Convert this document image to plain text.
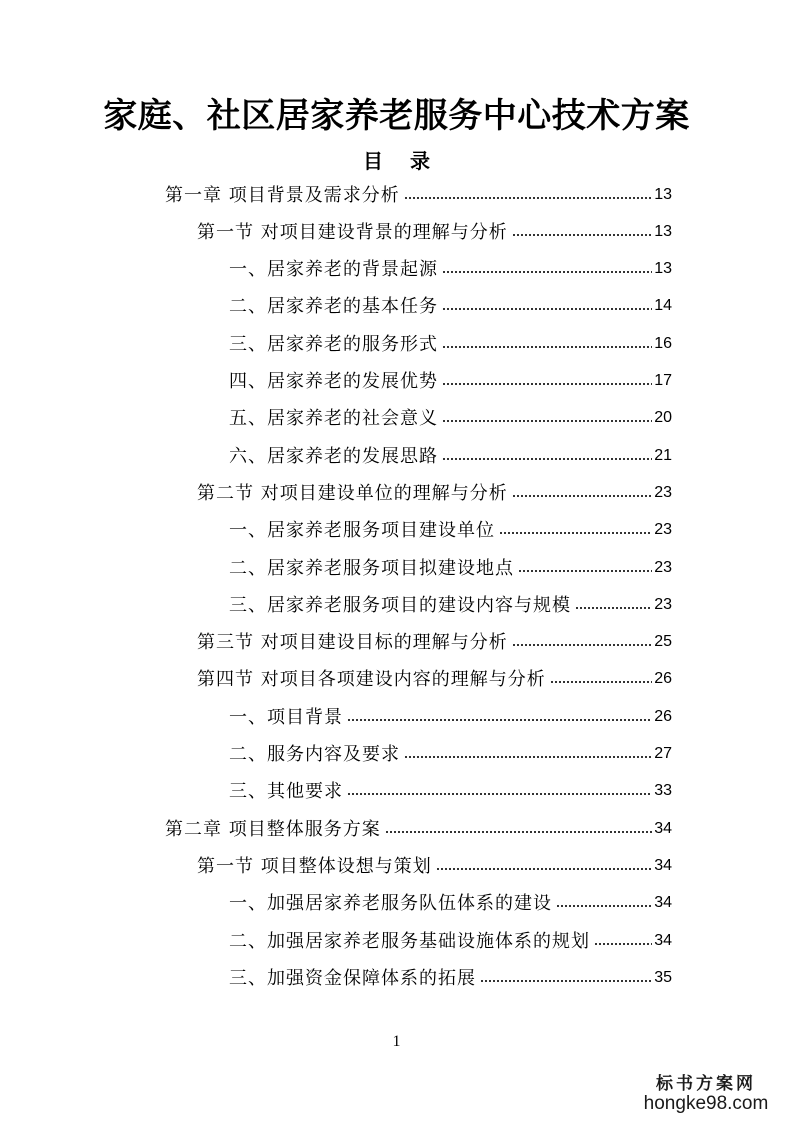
家庭、社区居家养老服务中心技术方案
目 录
第一章 项目背景及需求分析	13
第一节 对项目建设背景的理解与分析	13
一、居家养老的背景起源	13
二、居家养老的基本任务	14
三、居家养老的服务形式	16
四、居家养老的发展优势	17
五、居家养老的社会意义	20
六、居家养老的发展思路	21
第二节 对项目建设单位的理解与分析	23
一、居家养老服务项目建设单位	23
二、居家养老服务项目拟建设地点	23
三、居家养老服务项目的建设内容与规模	23
第三节 对项目建设目标的理解与分析	25
第四节 对项目各项建设内容的理解与分析	26
一、项目背景	26
二、服务内容及要求	27
三、其他要求	33
第二章 项目整体服务方案	34
第一节 项目整体设想与策划	34
一、加强居家养老服务队伍体系的建设	34
二、加强居家养老服务基础设施体系的规划	34
三、加强资金保障体系的拓展	35
1
标书方案网
hongke98.com
